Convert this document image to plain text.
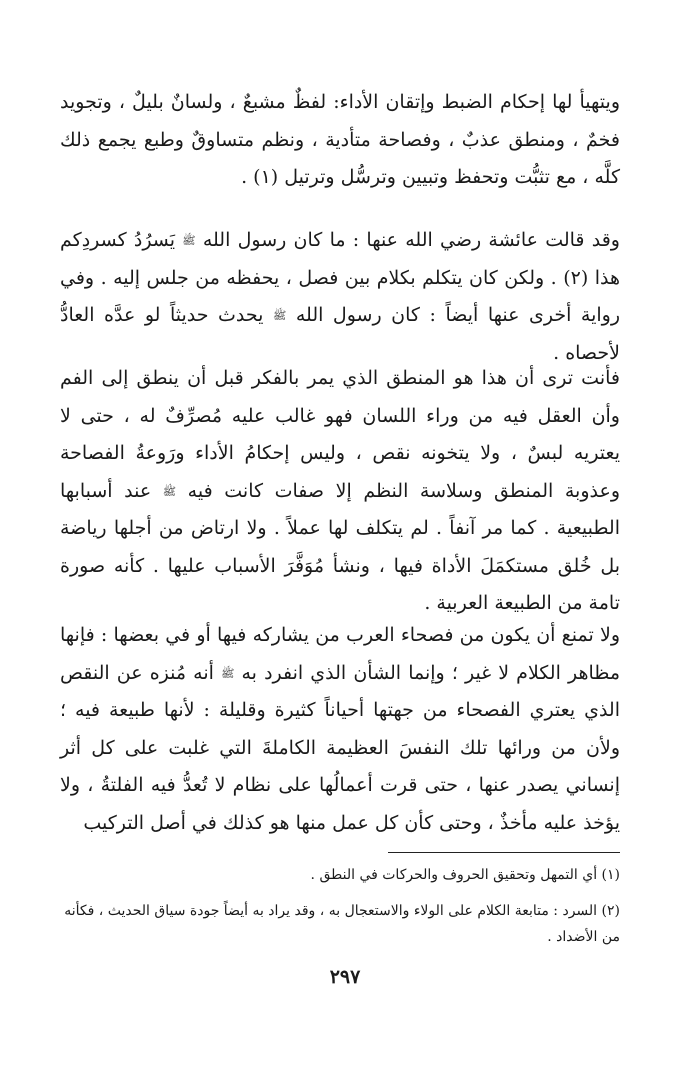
ويتهيأ لها إحكام الضبط وإتقان الأداء: لفظٌ مشبعٌ ، ولسانٌ بليلٌ ، وتجويد فخمٌ ، ومنطق عذبٌ ، وفصاحة متأدية ، ونظم متساوقٌ وطبع يجمع ذلك كلَّه ، مع تثبُّت وتحفظ وتبيين وترسُّل وترتيل (١) .

وقد قالت عائشة رضي الله عنها : ما كان رسول الله ﷺ يَسرُدُ كسردِكم هذا (٢) . ولكن كان يتكلم بكلام بين فصل ، يحفظه من جلس إليه . وفي رواية أخرى عنها أيضاً : كان رسول الله ﷺ يحدث حديثاً لو عدَّه العادُّ لأحصاه .

فأنت ترى أن هذا هو المنطق الذي يمر بالفكر قبل أن ينطق إلى الفم وأن العقل فيه من وراء اللسان فهو غالب عليه مُصرِّفٌ له ، حتى لا يعتريه لبسٌ ، ولا يتخونه نقص ، وليس إحكامُ الأداء ورَوعةُ الفصاحة وعذوبة المنطق وسلاسة النظم إلا صفات كانت فيه ﷺ عند أسبابها الطبيعية . كما مر آنفاً . لم يتكلف لها عملاً . ولا ارتاض من أجلها رياضة بل خُلق مستكمَلَ الأداة فيها ، ونشأ مُوَفَّرَ الأسباب عليها . كأنه صورة تامة من الطبيعة العربية .

ولا تمنع أن يكون من فصحاء العرب من يشاركه فيها أو في بعضها : فإنها مظاهر الكلام لا غير ؛ وإنما الشأن الذي انفرد به ﷺ أنه مُنزه عن النقص الذي يعتري الفصحاء من جهتها أحياناً كثيرة وقليلة : لأنها طبيعة فيه ؛ ولأن من ورائها تلك النفسَ العظيمة الكاملةَ التي غلبت على كل أثر إنساني يصدر عنها ، حتى قرت أعمالُها على نظام لا تُعدُّ فيه الفلتةُ ، ولا يؤخذ عليه مأخذٌ ، وحتى كأن كل عمل منها هو كذلك في أصل التركيب

(١) أي التمهل وتحقيق الحروف والحركات في النطق .

(٢) السرد : متابعة الكلام على الولاء والاستعجال به ، وقد يراد به أيضاً جودة سياق الحديث ، فكأنه من الأضداد .

٢٩٧
